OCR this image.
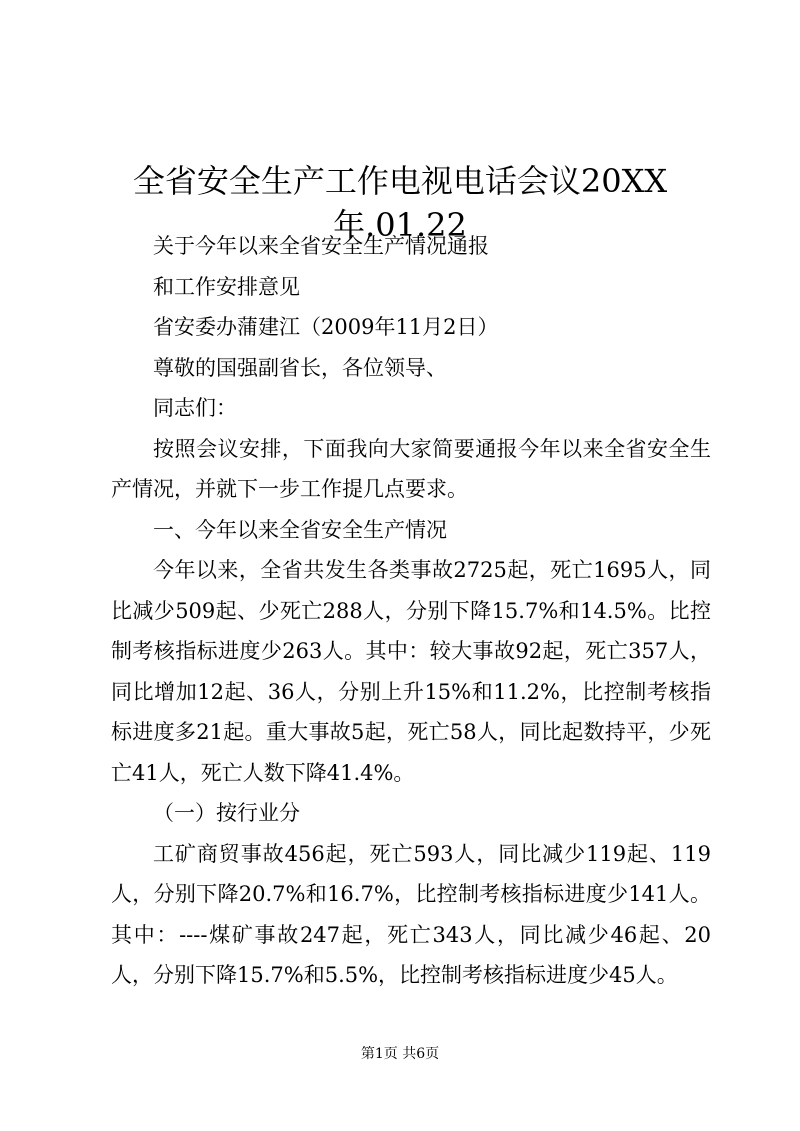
全省安全生产工作电视电话会议20XX
年.01.22

关于今年以来全省安全生产情况通报

和工作安排意见

省安委办蒲建江（2009年11月2日）

尊敬的国强副省长，各位领导、

同志们：

按照会议安排，下面我向大家简要通报今年以来全省安全生产情况，并就下一步工作提几点要求。

一、今年以来全省安全生产情况

今年以来，全省共发生各类事故2725起，死亡1695人，同比减少509起、少死亡288人，分别下降15.7%和14.5%。比控制考核指标进度少263人。其中：较大事故92起，死亡357人，同比增加12起、36人，分别上升15%和11.2%，比控制考核指标进度多21起。重大事故5起，死亡58人，同比起数持平，少死亡41人，死亡人数下降41.4%。

（一）按行业分

工矿商贸事故456起，死亡593人，同比减少119起、119人，分别下降20.7%和16.7%，比控制考核指标进度少141人。其中：----煤矿事故247起，死亡343人，同比减少46起、20人，分别下降15.7%和5.5%，比控制考核指标进度少45人。

第1页 共6页
